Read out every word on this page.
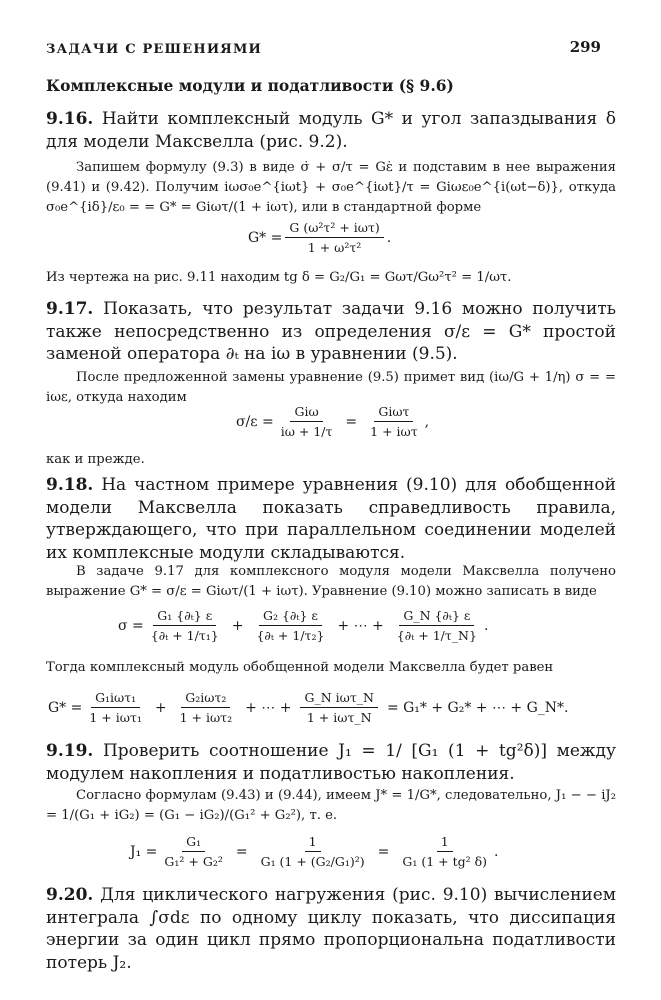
ЗАДАЧИ С РЕШЕНИЯМИ	299
Комплексные модули и податливости (§ 9.6)
9.16. Найти комплексный модуль G* и угол запаздывания δ для модели Максвелла (рис. 9.2).
Запишем формулу (9.3) в виде σ̇ + σ/τ = Gε̇ и подставим в нее выражения (9.41) и (9.42). Получим iωσ₀e^{iωt} + σ₀e^{iωt}/τ = Giωε₀e^{i(ωt−δ)}, откуда σ₀e^{iδ}/ε₀ = = G* = Giωτ/(1 + iωτ), или в стандартной форме
$G* = \frac{\text{G (ω²τ² + iωτ)}}{\text{1 + ω²τ²}}$ .
Из чертежа на рис. 9.11 находим tg δ = G₂/G₁ = Gωτ/Gω²τ² = 1/ωτ.
9.17. Показать, что результат задачи 9.16 можно получить также непосредственно из определения σ/ε = G* простой заменой оператора ∂ₜ на iω в уравнении (9.5).
После предложенной замены уравнение (9.5) примет вид (iω/G + 1/η) σ = = iωε, откуда находим
$\sigma/\varepsilon = \frac{\text{Giω}}{i\omega + 1/\tau} = \frac{\text{Giωτ}}{\text{1 + iωτ}}$ ,
как и прежде.
9.18. На частном примере уравнения (9.10) для обобщенной модели Максвелла показать справедливость правила, утверждающего, что при параллельном соединении моделей их комплексные модули складываются.
В задаче 9.17 для комплексного модуля модели Максвелла получено выражение G* = σ/ε = Giωτ/(1 + iωτ). Уравнение (9.10) можно записать в виде
$\sigma = \frac{\text{G₁ \{∂ₜ\} ε}}{\text{\{∂ₜ + 1/τ₁\}}} + \frac{\text{G₂ \{∂ₜ\} ε}}{\text{\{∂ₜ + 1/τ₂\}}}$ + ⋯ + $\frac{\text{G\_N \{∂ₜ\} ε}}{\text{\{∂ₜ + 1/τ\_N\}}}$ .
Тогда комплексный модуль обобщенной модели Максвелла будет равен
$G* = \frac{\text{G₁iωτ₁}}{\text{1 + iωτ₁}} + \frac{\text{G₂iωτ₂}}{\text{1 + iωτ₂}}$ + ⋯ + $\frac{\text{G\_N iωτ\_N}}{\text{1 + iωτ\_N}} = G_1* + G_2*$ + ⋯ + G_N*.
9.19. Проверить соотношение J₁ = 1/ [G₁ (1 + tg²δ)] между модулем накопления и податливостью накопления.
Согласно формулам (9.43) и (9.44), имеем J* = 1/G*, следовательно, J₁ − − iJ₂ = 1/(G₁ + iG₂) = (G₁ − iG₂)/(G₁² + G₂²), т. е.
$J_1 = \frac{\text{G₁}}{\text{G₁² + G₂²}} = \frac{1}{\text{G₁ (1 + (G₂/G₁)²)}} = \frac{1}{\text{G₁ (1 + tg² δ)}}$ .
9.20. Для циклического нагружения (рис. 9.10) вычислением интеграла ∫σdε по одному циклу показать, что диссипация энергии за один цикл прямо пропорциональна податливости потерь J₂.
